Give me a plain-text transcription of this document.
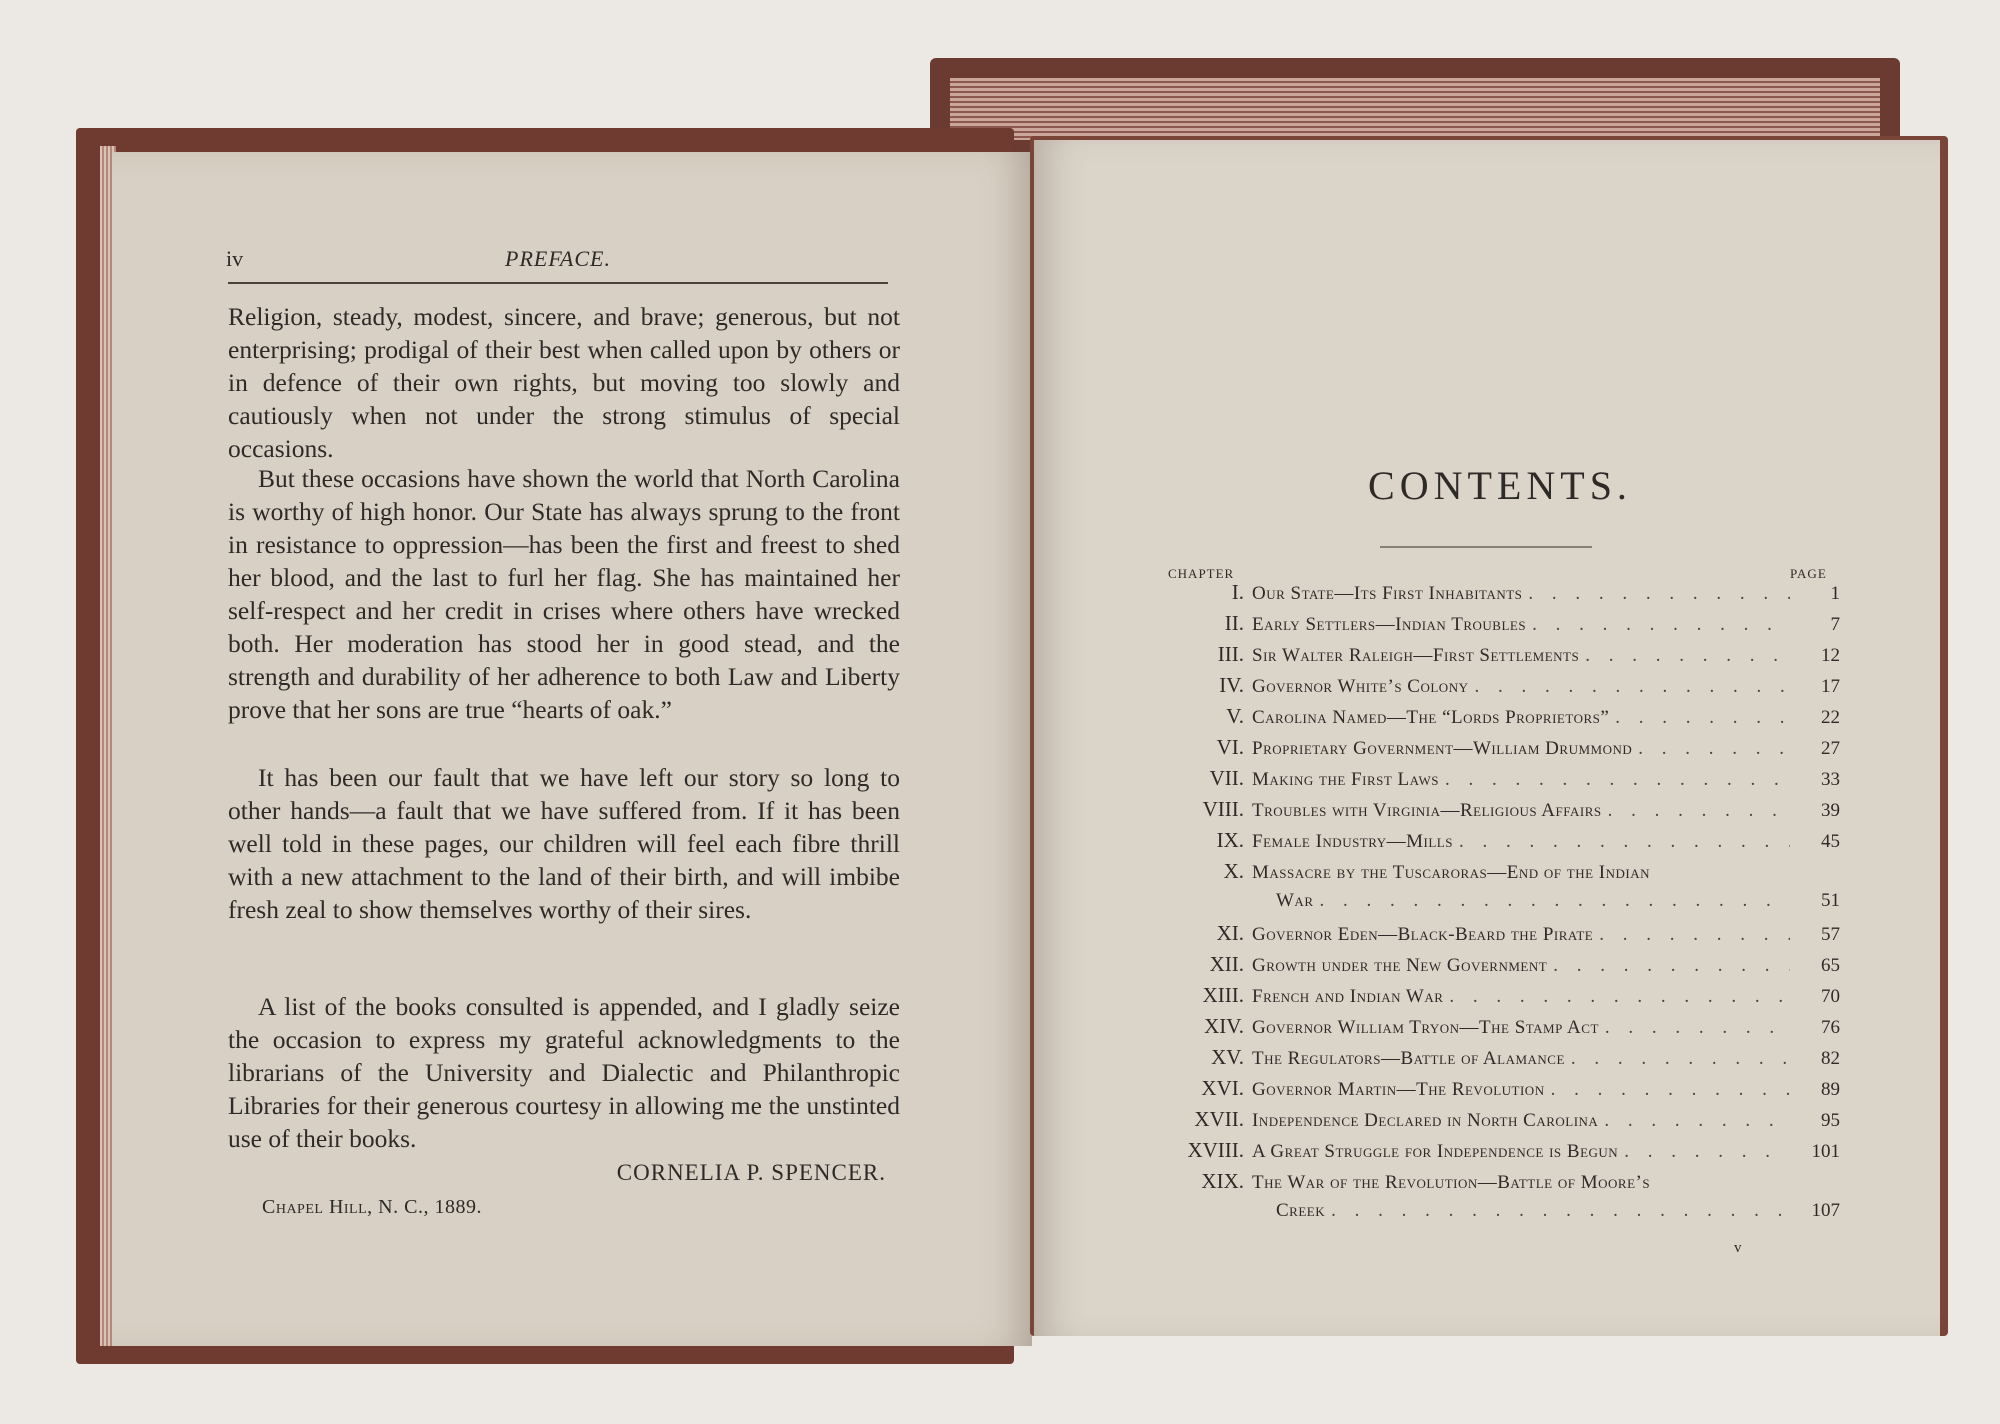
iv	PREFACE.

Religion, steady, modest, sincere, and brave; generous, but not enterprising; prodigal of their best when called upon by others or in defence of their own rights, but moving too slowly and cautiously when not under the strong stimulus of special occasions.

But these occasions have shown the world that North Carolina is worthy of high honor. Our State has always sprung to the front in resistance to oppression—has been the first and freest to shed her blood, and the last to furl her flag. She has maintained her self-respect and her credit in crises where others have wrecked both. Her moderation has stood her in good stead, and the strength and durability of her adherence to both Law and Liberty prove that her sons are true “hearts of oak.”

It has been our fault that we have left our story so long to other hands—a fault that we have suffered from. If it has been well told in these pages, our children will feel each fibre thrill with a new attachment to the land of their birth, and will imbibe fresh zeal to show themselves worthy of their sires.

A list of the books consulted is appended, and I gladly seize the occasion to express my grateful acknowledgments to the librarians of the University and Dialectic and Philanthropic Libraries for their generous courtesy in allowing me the unstinted use of their books.

CORNELIA P. SPENCER.
Chapel Hill, N. C., 1889.
CONTENTS.
CHAPTER	PAGE
I. Our State—Its First Inhabitants . . .	1
II. Early Settlers—Indian Troubles . . .	7
III. Sir Walter Raleigh—First Settlements . . .	12
IV. Governor White’s Colony . . .	17
V. Carolina Named—The “Lords Proprietors” . . .	22
VI. Proprietary Government—William Drummond . . .	27
VII. Making the First Laws . . .	33
VIII. Troubles with Virginia—Religious Affairs . . .	39
IX. Female Industry—Mills . . .	45
X. Massacre by the Tuscaroras—End of the Indian
War . . .	51
XI. Governor Eden—Black-Beard the Pirate . . .	57
XII. Growth under the New Government . . .	65
XIII. French and Indian War . . .	70
XIV. Governor William Tryon—The Stamp Act . . .	76
XV. The Regulators—Battle of Alamance . . .	82
XVI. Governor Martin—The Revolution . . .	89
XVII. Independence Declared in North Carolina . . .	95
XVIII. A Great Struggle for Independence is Begun . . .	101
XIX. The War of the Revolution—Battle of Moore’s
Creek . . .	107
v
